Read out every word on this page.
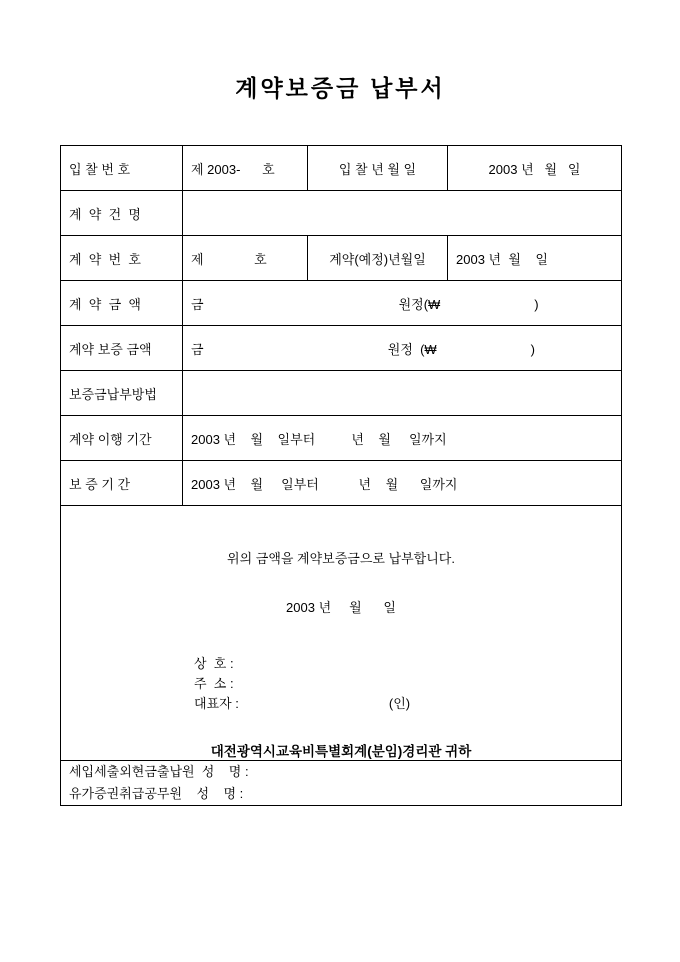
계약보증금 납부서
입 찰 번 호	제 2003-      호	입 찰 년 월 일	2003 년   월   일
계  약  건  명			
계  약  번  호	제              호	계약(예정)년월일	2003 년  월    일
계  약  금  액	금                                                      원정(₩                          )		
계약 보증 금액	금                                                   원정  (₩                          )		
보증금납부방법			
계약 이행 기간	2003 년    월    일부터          년    월     일까지		
보 증 기 간	2003 년    월     일부터           년    월      일까지		

위의 금액을 계약보증금으로 납부합니다.
2003 년     월      일
상  호 :
주  소 :
대표자 :	(인)
대전광역시교육비특별회계(분임)경리관 귀하

세입세출외현금출납원  성    명 :
유가증권취급공무원    성    명 :			
